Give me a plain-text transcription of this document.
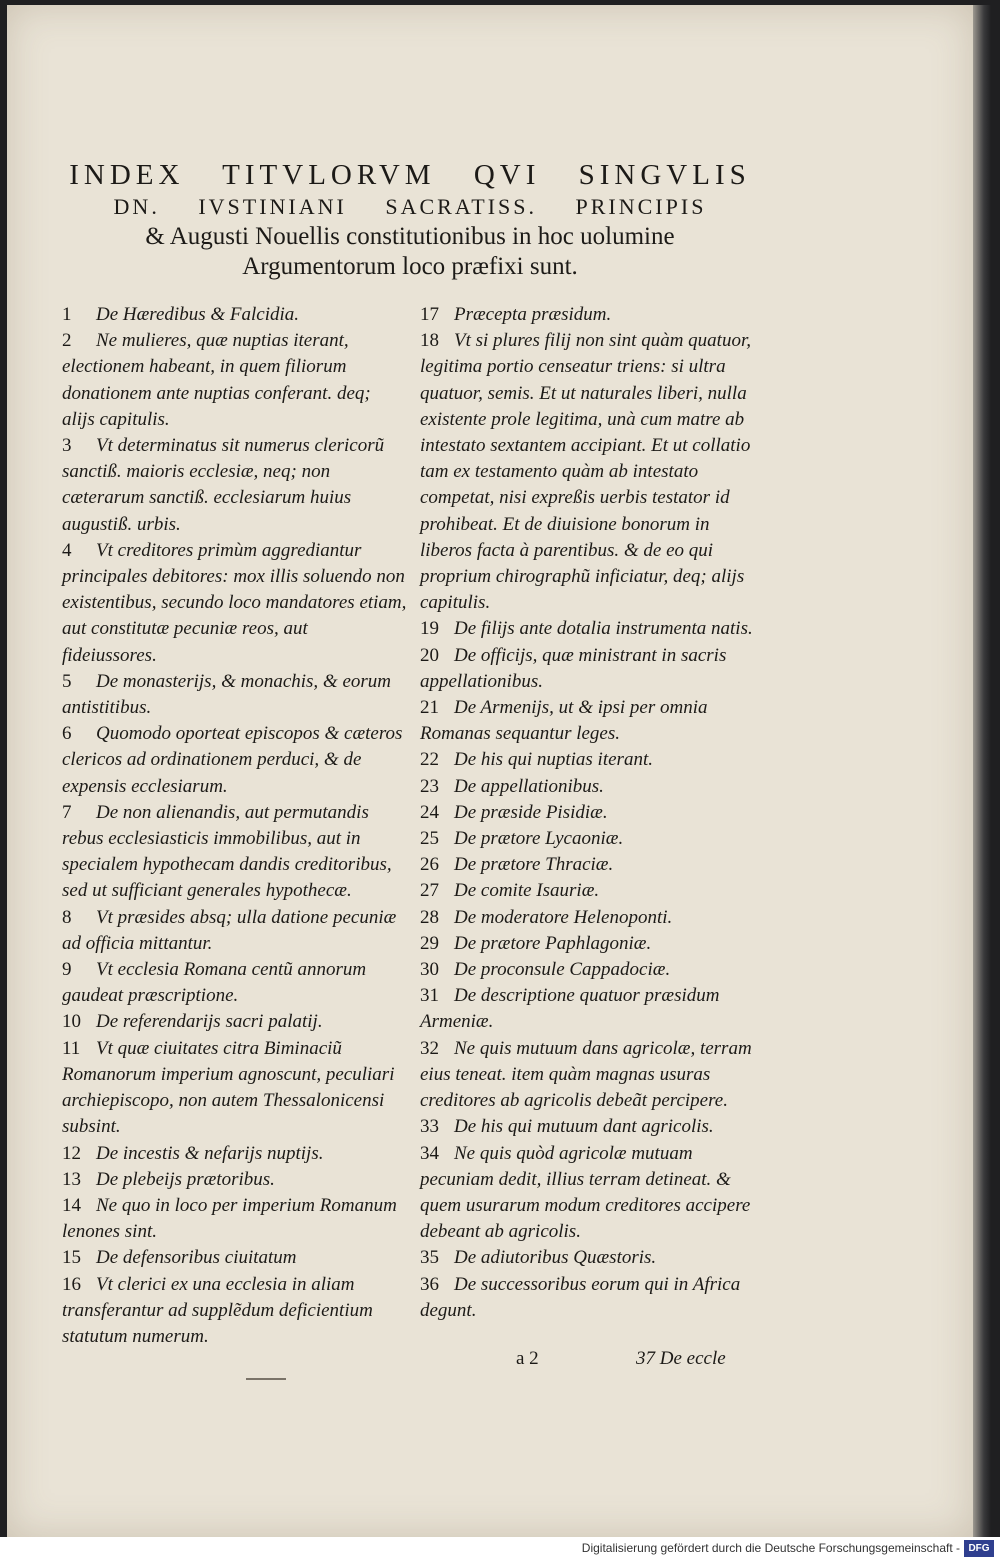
INDEX TITVLORVM QVI SINGVLIS
DN. IVSTINIANI SACRATISS. PRINCIPIS
& Augusti Nouellis constitutionibus in hoc uolumine
Argumentorum loco præfixi sunt.

1 De Hæredibus & Falcidia.

2 Ne mulieres, quæ nuptias iterant, electionem habeant, in quem filiorum donationem ante nuptias conferant. deq; alijs capitulis.

3 Vt determinatus sit numerus clericorũ sanctiß. maioris ecclesiæ, neq; non cæterarum sanctiß. ecclesiarum huius augustiß. urbis.

4 Vt creditores primùm aggrediantur principales debitores: mox illis soluendo non existentibus, secundo loco mandatores etiam, aut constitutæ pecuniæ reos, aut fideiussores.

5 De monasterijs, & monachis, & eorum antistitibus.

6 Quomodo oporteat episcopos & cæteros clericos ad ordinationem perduci, & de expensis ecclesiarum.

7 De non alienandis, aut permutandis rebus ecclesiasticis immobilibus, aut in specialem hypothecam dandis creditoribus, sed ut sufficiant generales hypothecæ.

8 Vt præsides absq; ulla datione pecuniæ ad officia mittantur.

9 Vt ecclesia Romana centũ annorum gaudeat præscriptione.

10 De referendarijs sacri palatij.

11 Vt quæ ciuitates citra Biminaciũ Romanorum imperium agnoscunt, peculiari archiepiscopo, non autem Thessalonicensi subsint.

12 De incestis & nefarijs nuptijs.

13 De plebeijs prætoribus.

14 Ne quo in loco per imperium Romanum lenones sint.

15 De defensoribus ciuitatum

16 Vt clerici ex una ecclesia in aliam transferantur ad supplẽdum deficientium statutum numerum.

17 Præcepta præsidum.

18 Vt si plures filij non sint quàm quatuor, legitima portio censeatur triens: si ultra quatuor, semis. Et ut naturales liberi, nulla existente prole legitima, unà cum matre ab intestato sextantem accipiant. Et ut collatio tam ex testamento quàm ab intestato competat, nisi expreßis uerbis testator id prohibeat. Et de diuisione bonorum in liberos facta à parentibus. & de eo qui proprium chirographũ inficiatur, deq; alijs capitulis.

19 De filijs ante dotalia instrumenta natis.

20 De officijs, quæ ministrant in sacris appellationibus.

21 De Armenijs, ut & ipsi per omnia Romanas sequantur leges.

22 De his qui nuptias iterant.

23 De appellationibus.

24 De præside Pisidiæ.

25 De prætore Lycaoniæ.

26 De prætore Thraciæ.

27 De comite Isauriæ.

28 De moderatore Helenoponti.

29 De prætore Paphlagoniæ.

30 De proconsule Cappadociæ.

31 De descriptione quatuor præsidum Armeniæ.

32 Ne quis mutuum dans agricolæ, terram eius teneat. item quàm magnas usuras creditores ab agricolis debeãt percipere.

33 De his qui mutuum dant agricolis.

34 Ne quis quòd agricolæ mutuam pecuniam dedit, illius terram detineat. & quem usurarum modum creditores accipere debeant ab agricolis.

35 De adiutoribus Quæstoris.

36 De successoribus eorum qui in Africa degunt.

a 2	37 De eccle
Digitalisierung gefördert durch die Deutsche Forschungsgemeinschaft - DFG
